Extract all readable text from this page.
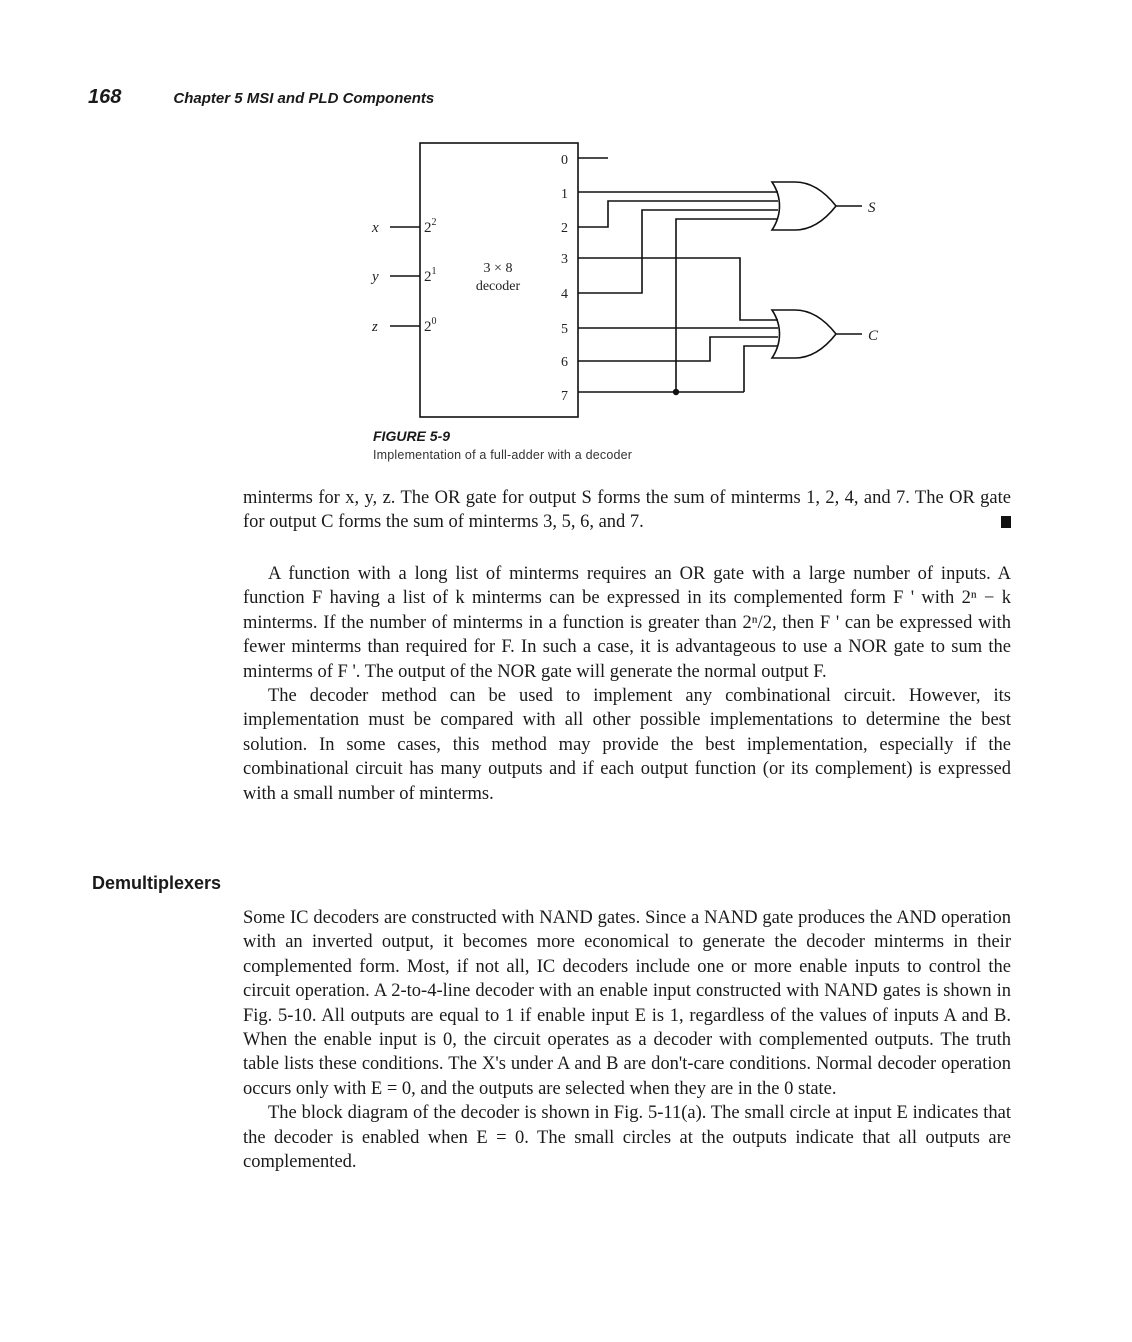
168	Chapter 5 MSI and PLD Components
x
y
z
$2^2$
$2^1$
$2^0$
3 × 8
decoder
0
1
2
3
4
5
6
7
S
C
FIGURE 5-9
Implementation of a full-adder with a decoder

minterms for x, y, z. The OR gate for output S forms the sum of minterms 1, 2, 4, and 7. The OR gate for output C forms the sum of minterms 3, 5, 6, and 7.

A function with a long list of minterms requires an OR gate with a large number of inputs. A function F having a list of k minterms can be expressed in its complemented form F ' with 2ⁿ − k minterms. If the number of minterms in a function is greater than 2ⁿ/2, then F ' can be expressed with fewer minterms than required for F. In such a case, it is advantageous to use a NOR gate to sum the minterms of F '. The output of the NOR gate will generate the normal output F.

The decoder method can be used to implement any combinational circuit. However, its implementation must be compared with all other possible implementations to determine the best solution. In some cases, this method may provide the best implementation, especially if the combinational circuit has many outputs and if each output function (or its complement) is expressed with a small number of minterms.

Demultiplexers

Some IC decoders are constructed with NAND gates. Since a NAND gate produces the AND operation with an inverted output, it becomes more economical to generate the decoder minterms in their complemented form. Most, if not all, IC decoders include one or more enable inputs to control the circuit operation. A 2-to-4-line decoder with an enable input constructed with NAND gates is shown in Fig. 5-10. All outputs are equal to 1 if enable input E is 1, regardless of the values of inputs A and B. When the enable input is 0, the circuit operates as a decoder with complemented outputs. The truth table lists these conditions. The X's under A and B are don't-care conditions. Normal decoder operation occurs only with E = 0, and the outputs are selected when they are in the 0 state.

The block diagram of the decoder is shown in Fig. 5-11(a). The small circle at input E indicates that the decoder is enabled when E = 0. The small circles at the outputs indicate that all outputs are complemented.
